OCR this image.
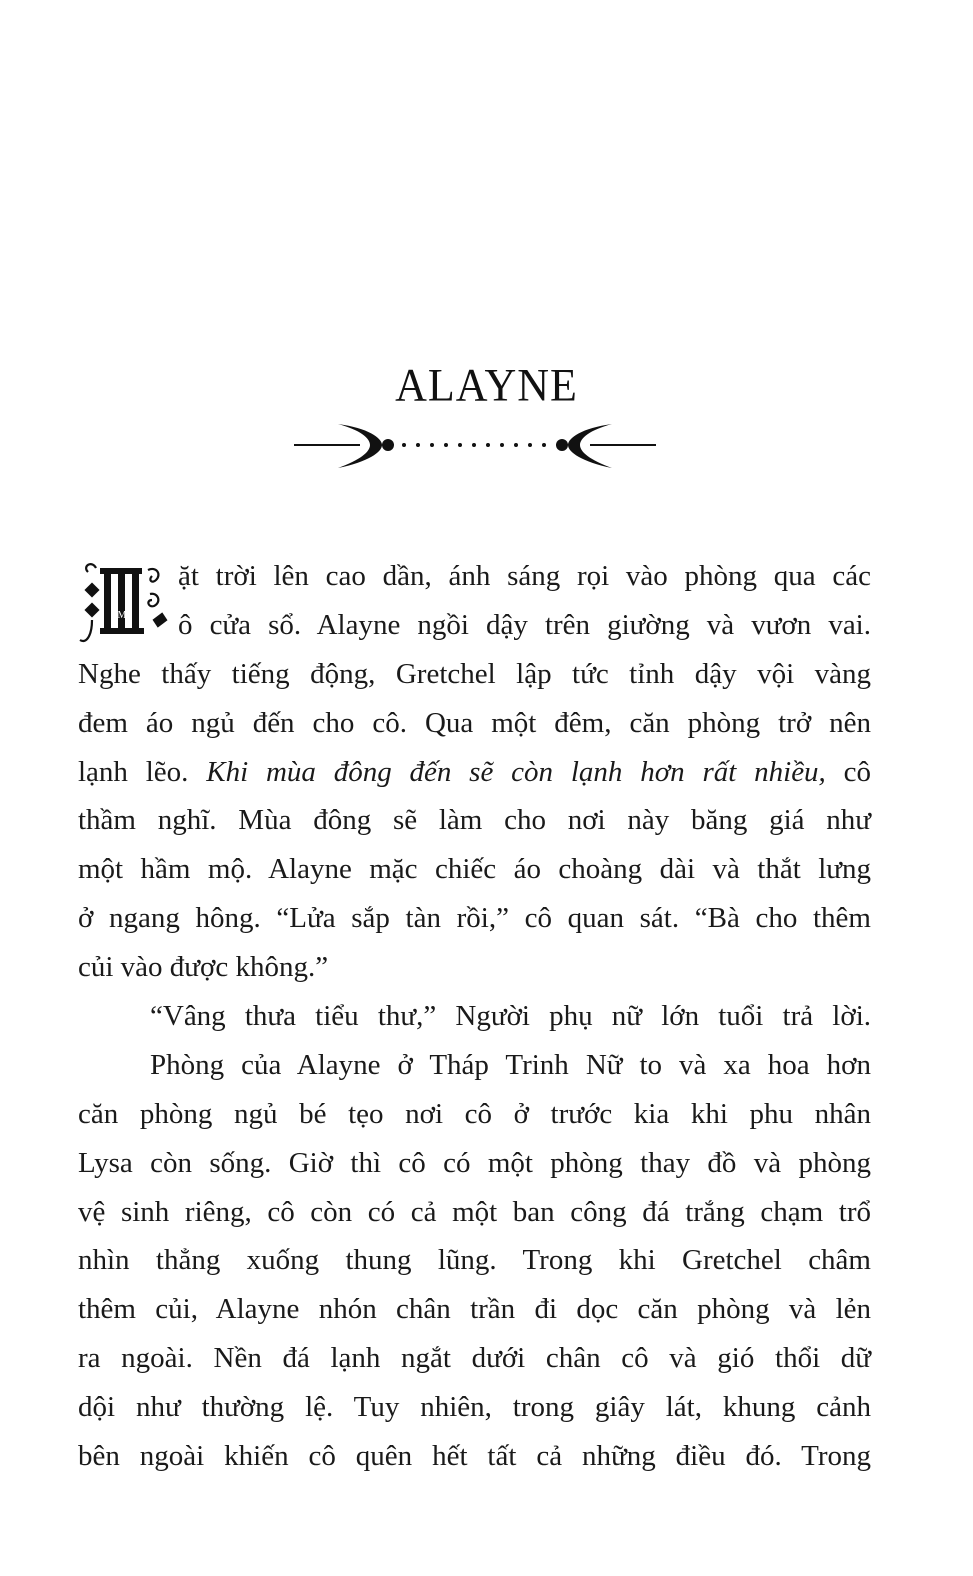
ALAYNE
M
ặt trời lên cao dần, ánh sáng rọi vào phòng qua các
ô cửa sổ. Alayne ngồi dậy trên giường và vươn vai.
Nghe thấy tiếng động, Gretchel lập tức tỉnh dậy vội vàng
đem áo ngủ đến cho cô. Qua một đêm, căn phòng trở nên
lạnh lẽo. Khi mùa đông đến sẽ còn lạnh hơn rất nhiều, cô
thầm nghĩ. Mùa đông sẽ làm cho nơi này băng giá như
một hầm mộ. Alayne mặc chiếc áo choàng dài và thắt lưng
ở ngang hông. “Lửa sắp tàn rồi,” cô quan sát. “Bà cho thêm
củi vào được không.”
“Vâng thưa tiểu thư,” Người phụ nữ lớn tuổi trả lời.
Phòng của Alayne ở Tháp Trinh Nữ to và xa hoa hơn
căn phòng ngủ bé tẹo nơi cô ở trước kia khi phu nhân
Lysa còn sống. Giờ thì cô có một phòng thay đồ và phòng
vệ sinh riêng, cô còn có cả một ban công đá trắng chạm trổ
nhìn thẳng xuống thung lũng. Trong khi Gretchel châm
thêm củi, Alayne nhón chân trần đi dọc căn phòng và lẻn
ra ngoài. Nền đá lạnh ngắt dưới chân cô và gió thổi dữ
dội như thường lệ. Tuy nhiên, trong giây lát, khung cảnh
bên ngoài khiến cô quên hết tất cả những điều đó. Trong
